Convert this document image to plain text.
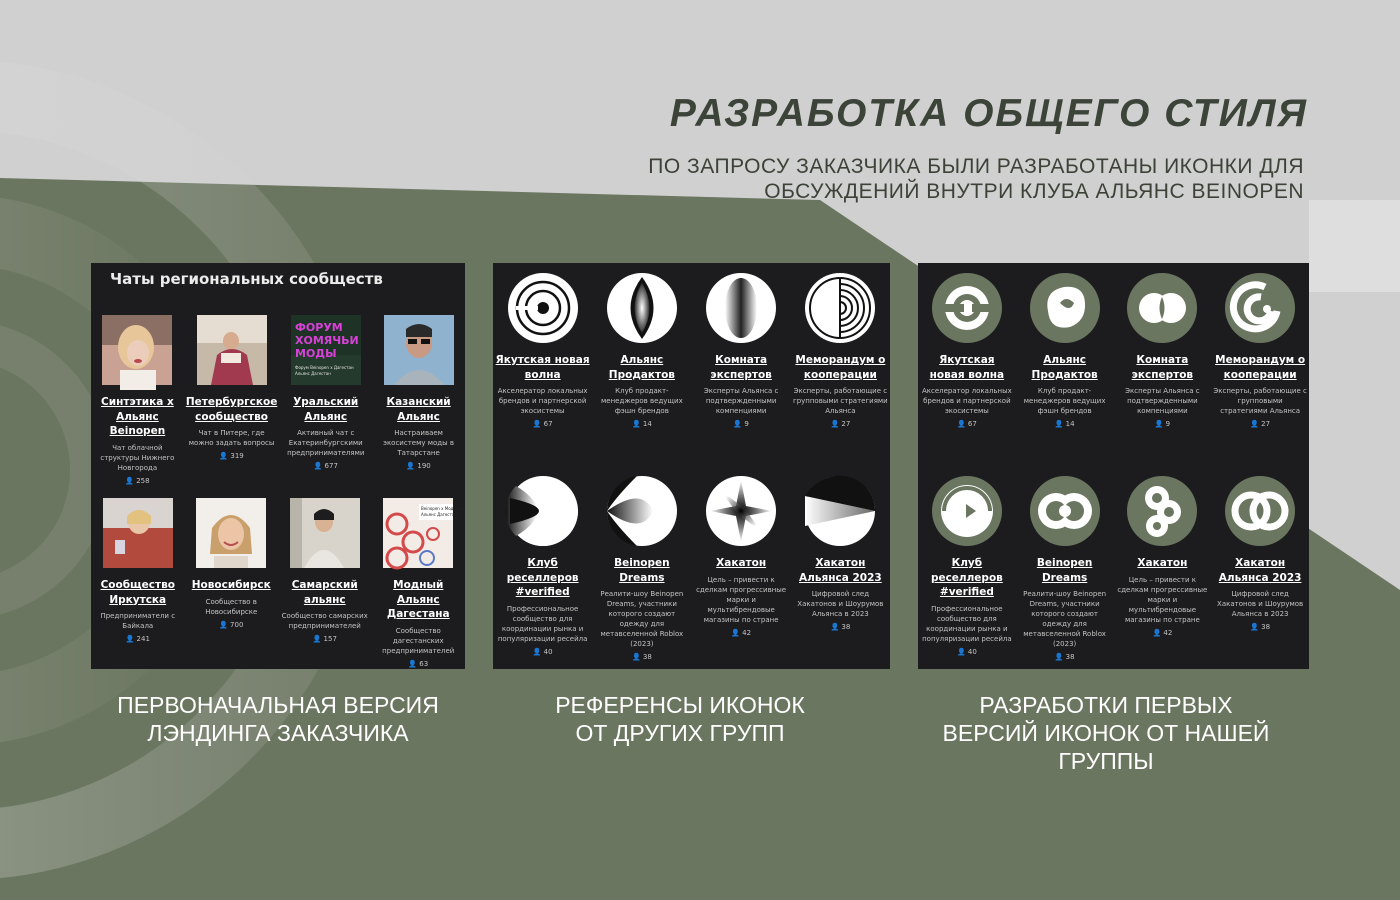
РАЗРАБОТКА ОБЩЕГО СТИЛЯ
ПО ЗАПРОСУ ЗАКАЗЧИКА БЫЛИ РАЗРАБОТАНЫ ИКОНКИ ДЛЯ
ОБСУЖДЕНИЙ ВНУТРИ КЛУБА АЛЬЯНС BEINOPEN
Чаты региональных сообществ
Синтэтика x Альянс Beinopen
Чат облачной структуры Нижнего Новгорода
👤 258
Петербургское сообщество
Чат в Питере, где можно задать вопросы
👤 319
ФОРУМ
ХОМЯЧЬИ
МОДЫ
Форум Beinopen x Дагестан
Альянс Дагестан
Уральский Альянс
Активный чат с Екатеринбургскими предпринимателями
👤 677
Казанский Альянс
Настраиваем экосистему моды в Татарстане
👤 190
Сообщество Иркутска
Предприниматели с Байкала
👤 241
Новосибирск
Сообщество в Новосибирске
👤 700
Самарский альянс
Сообщество самарских предпринимателей
👤 157
Beinopen x Модный
Альянс Дагестана
Модный Альянс Дагестана
Сообщество дагестанских предпринимателей
👤 63
Якутская новая волна
Акселератор локальных брендов и партнерской экосистемы
👤 67
Альянс Продактов
Клуб продакт-менеджеров ведущих фэшн брендов
👤 14
Комната экспертов
Эксперты Альянса с подтвержденными компенциями
👤 9
Меморандум о кооперации
Эксперты, работающие с групповыми стратегиями Альянса
👤 27
Клуб реселлеров #verified
Профессиональное сообщество для координации рынка и популяризации ресейла
👤 40
Beinopen Dreams
Реалити-шоу Beinopen Dreams, участники которого создают одежду для метавселенной Roblox (2023)
👤 38
Хакатон
Цель – привести к сделкам прогрессивные марки и мультибрендовые магазины по стране
👤 42
Хакатон Альянса 2023
Цифровой след Хакатонов и Шоурумов Альянса в 2023
👤 38
Якутская новая волна
Акселератор локальных брендов и партнерской экосистемы
👤 67
Альянс Продактов
Клуб продакт-менеджеров ведущих фэшн брендов
👤 14
Комната экспертов
Эксперты Альянса с подтвержденными компенциями
👤 9
Меморандум о кооперации
Эксперты, работающие с групповыми стратегиями Альянса
👤 27
Клуб реселлеров #verified
Профессиональное сообщество для координации рынка и популяризации ресейла
👤 40
Beinopen Dreams
Реалити-шоу Beinopen Dreams, участники которого создают одежду для метавселенной Roblox (2023)
👤 38
Хакатон
Цель – привести к сделкам прогрессивные марки и мультибрендовые магазины по стране
👤 42
Хакатон Альянса 2023
Цифровой след Хакатонов и Шоурумов Альянса в 2023
👤 38
ПЕРВОНАЧАЛЬНАЯ ВЕРСИЯ
ЛЭНДИНГА ЗАКАЗЧИКА
РЕФЕРЕНСЫ ИКОНОК
ОТ ДРУГИХ ГРУПП
РАЗРАБОТКИ ПЕРВЫХ
ВЕРСИЙ ИКОНОК ОТ НАШЕЙ
ГРУППЫ
